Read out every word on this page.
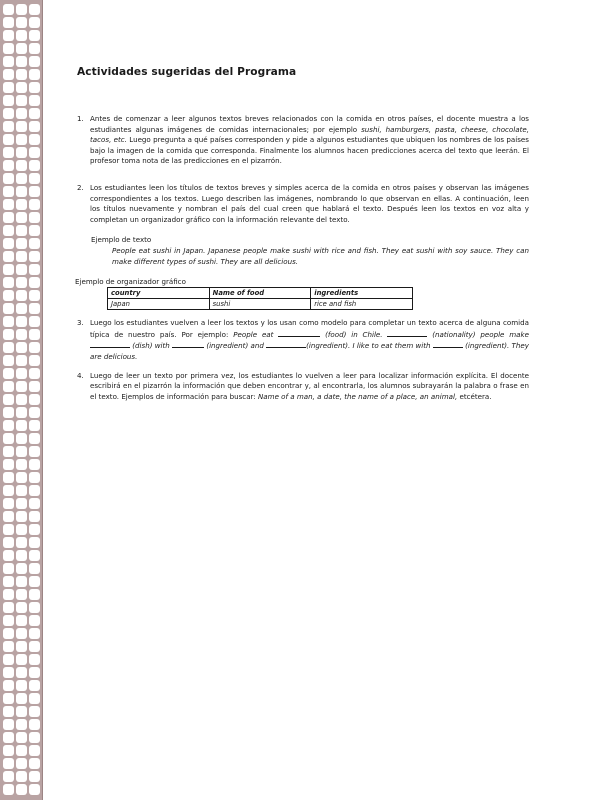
Actividades sugeridas del Programa
1. Antes de comenzar a leer algunos textos breves relacionados con la comida en otros países, el docente muestra a los estudiantes algunas imágenes de comidas internacionales; por ejemplo sushi, hamburgers, pasta, cheese, chocolate, tacos, etc. Luego pregunta a qué países corresponden y pide a algunos estudiantes que ubiquen los nombres de los países bajo la imagen de la comida que corresponda. Finalmente los alumnos hacen predicciones acerca del texto que leerán. El profesor toma nota de las predicciones en el pizarrón.
2. Los estudiantes leen los títulos de textos breves y simples acerca de la comida en otros países y observan las imágenes correspondientes a los textos. Luego describen las imágenes, nombrando lo que observan en ellas. A continuación, leen los títulos nuevamente y nombran el país del cual creen que hablará el texto. Después leen los textos en voz alta y completan un organizador gráfico con la información relevante del texto.
Ejemplo de texto
People eat sushi in Japan. Japanese people make sushi with rice and fish. They eat sushi with soy sauce. They can make different types of sushi. They are all delicious.
Ejemplo de organizador gráfico
country	Name of food	ingredients
Japan	sushi	rice and fish
3. Luego los estudiantes vuelven a leer los textos y los usan como modelo para completar un texto acerca de alguna comida típica de nuestro país. Por ejemplo: People eat	(food) in Chile.	(nationality) people make  (dish) with	(ingredient) and	(ingredient). I like to eat them with	(ingredient). They are delicious.
4. Luego de leer un texto por primera vez, los estudiantes lo vuelven a leer para localizar información explícita. El docente escribirá en el pizarrón la información que deben encontrar y, al encontrarla, los alumnos subrayarán la palabra o frase en el texto. Ejemplos de información para buscar: Name of a man, a date, the name of a place, an animal, etcétera.
